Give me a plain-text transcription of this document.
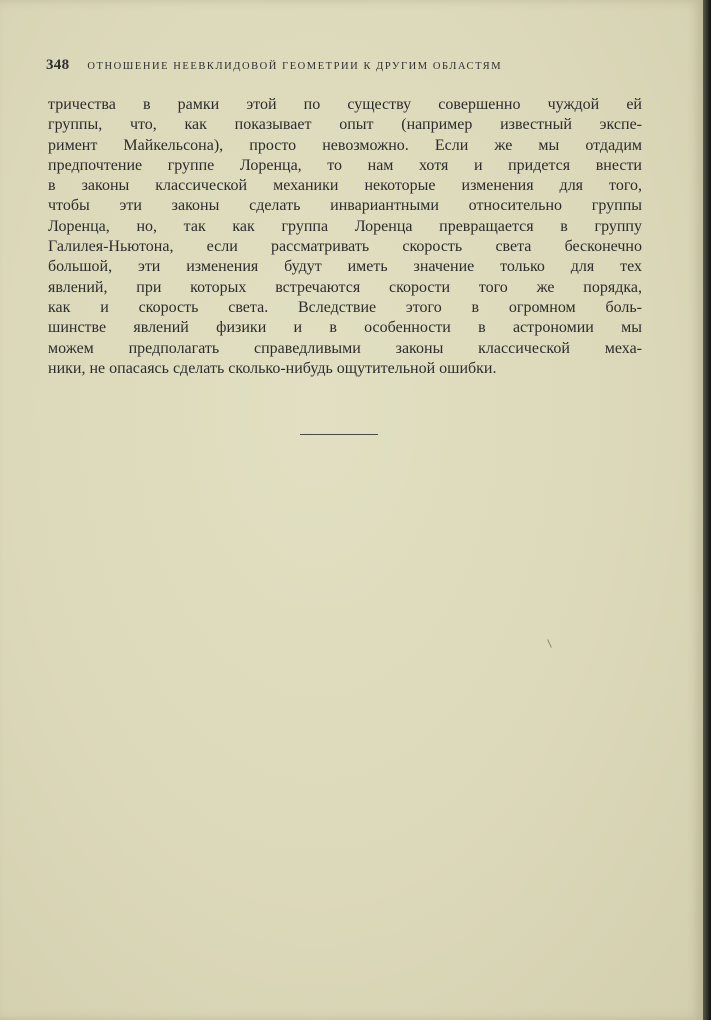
348 ОТНОШЕНИЕ НЕЕВКЛИДОВОЙ ГЕОМЕТРИИ К ДРУГИМ ОБЛАСТЯМ
тричества в рамки этой по существу совершенно чуждой ей
группы, что, как показывает опыт (например известный экспе-
римент Майкельсона), просто невозможно. Если же мы отдадим
предпочтение группе Лоренца, то нам хотя и придется внести
в законы классической механики некоторые изменения для того,
чтобы эти законы сделать инвариантными относительно группы
Лоренца, но, так как группа Лоренца превращается в группу
Галилея-Ньютона, если рассматривать скорость света бесконечно
большой, эти изменения будут иметь значение только для тех
явлений, при которых встречаются скорости того же порядка,
как и скорость света. Вследствие этого в огромном боль-
шинстве явлений физики и в особенности в астрономии мы
можем предполагать справедливыми законы классической меха-
ники, не опасаясь сделать сколько-нибудь ощутительной ошибки.
